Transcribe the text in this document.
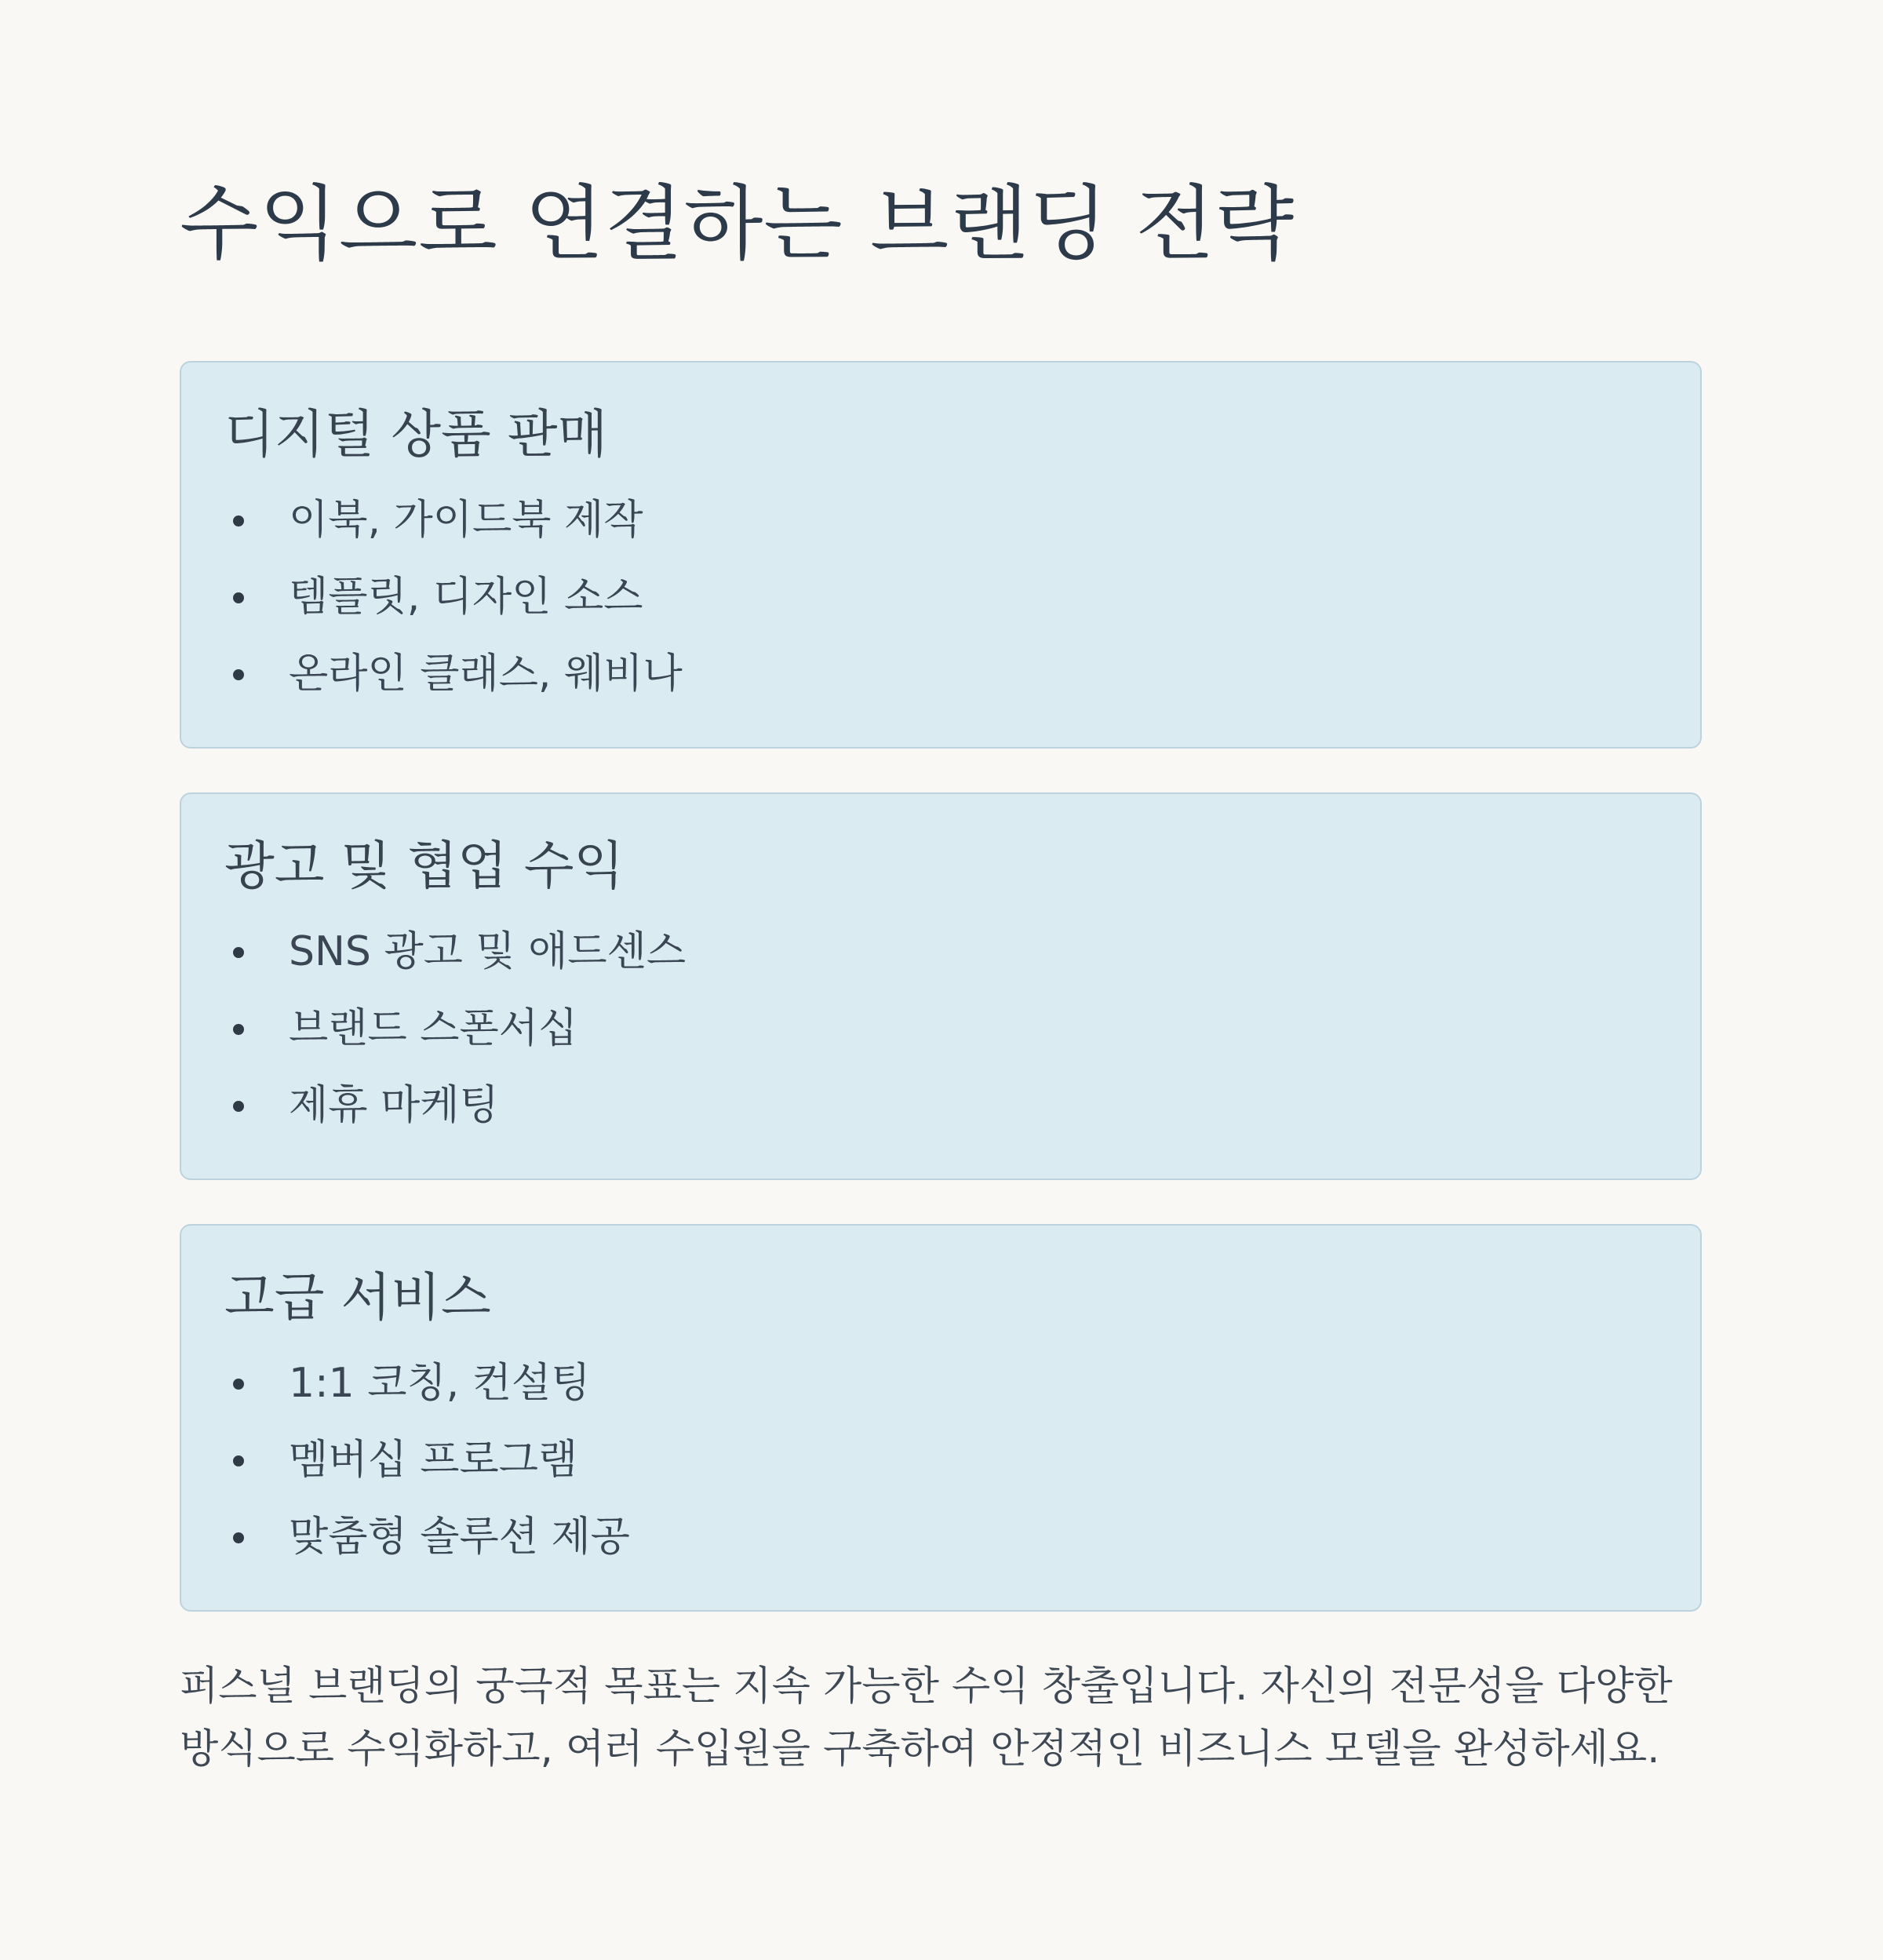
수익으로 연결하는 브랜딩 전략
디지털 상품 판매
이북, 가이드북 제작
템플릿, 디자인 소스
온라인 클래스, 웨비나
광고 및 협업 수익
SNS 광고 및 애드센스
브랜드 스폰서십
제휴 마케팅
고급 서비스
1:1 코칭, 컨설팅
멤버십 프로그램
맞춤형 솔루션 제공

퍼스널 브랜딩의 궁극적 목표는 지속 가능한 수익 창출입니다. 자신의 전문성을 다양한 방식으로 수익화하고, 여러 수입원을 구축하여 안정적인 비즈니스 모델을 완성하세요.
